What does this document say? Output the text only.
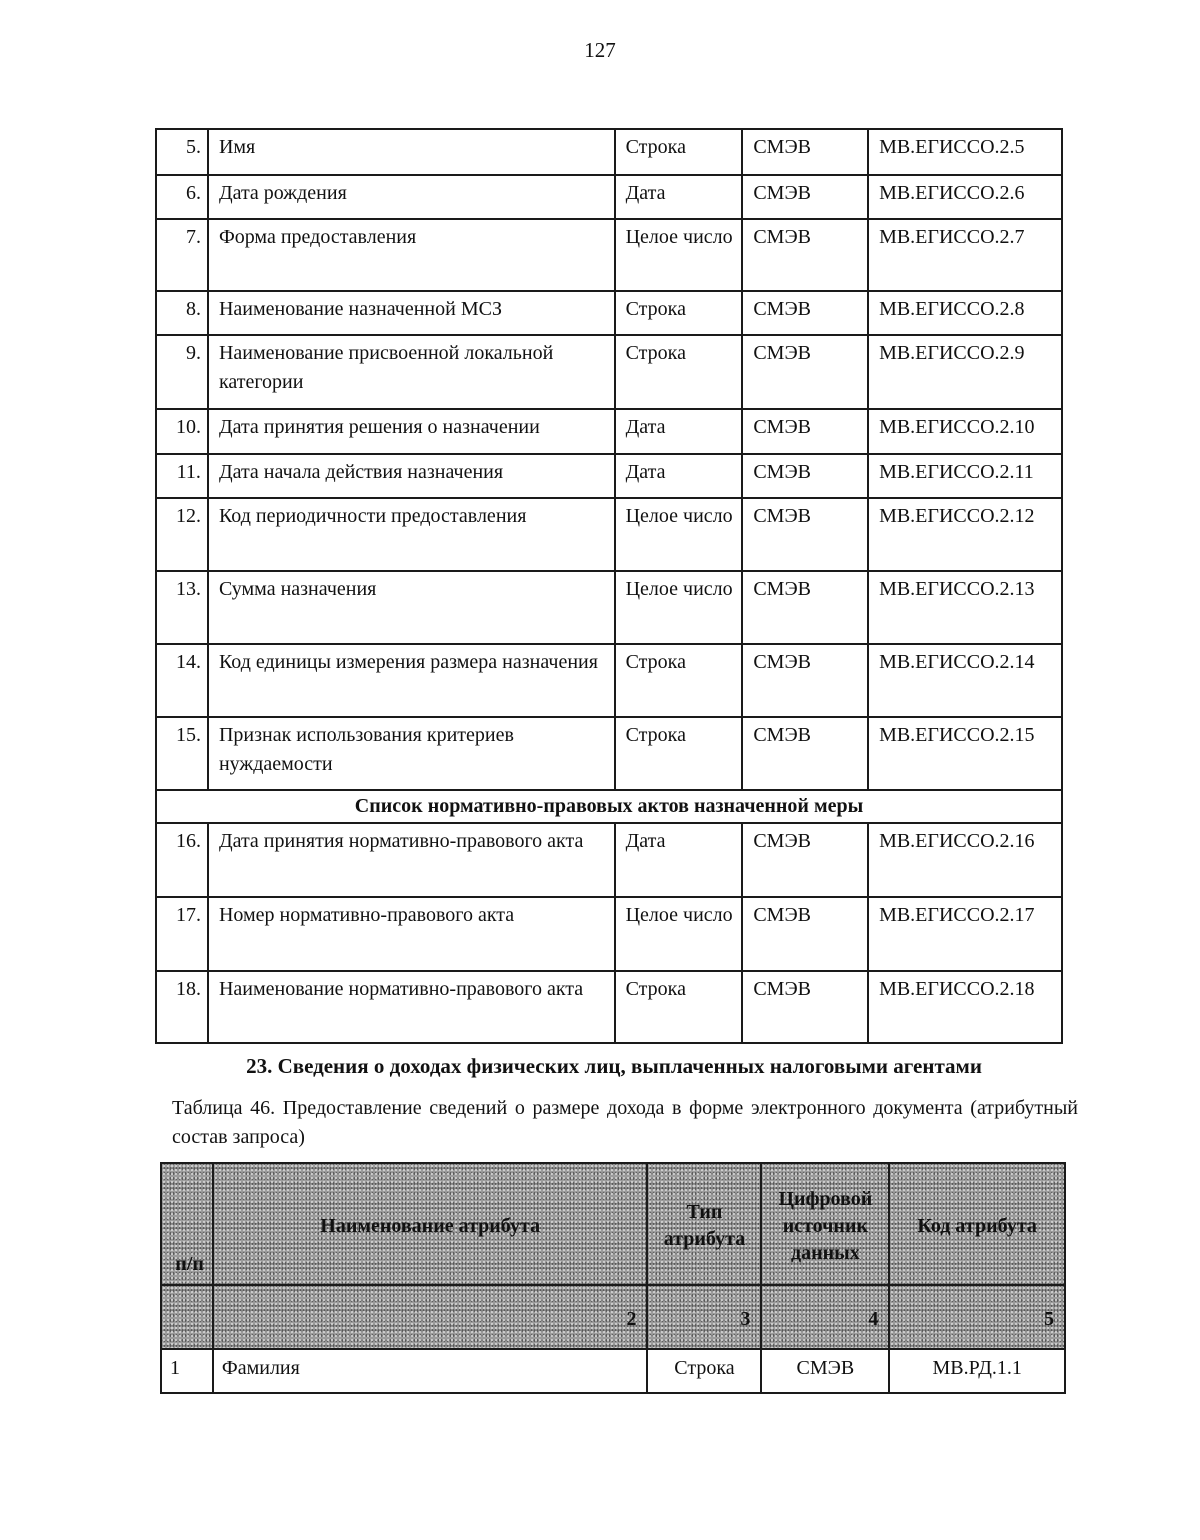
127
5.	Имя	Строка	СМЭВ	МВ.ЕГИССО.2.5
6.	Дата рождения	Дата	СМЭВ	МВ.ЕГИССО.2.6
7.	Форма предоставления	Целое число	СМЭВ	МВ.ЕГИССО.2.7
8.	Наименование назначенной МСЗ	Строка	СМЭВ	МВ.ЕГИССО.2.8
9.	Наименование присвоенной локальной категории	Строка	СМЭВ	МВ.ЕГИССО.2.9
10.	Дата принятия решения о назначении	Дата	СМЭВ	МВ.ЕГИССО.2.10
11.	Дата начала действия назначения	Дата	СМЭВ	МВ.ЕГИССО.2.11
12.	Код периодичности предоставления	Целое число	СМЭВ	МВ.ЕГИССО.2.12
13.	Сумма назначения	Целое число	СМЭВ	МВ.ЕГИССО.2.13
14.	Код единицы измерения размера назначения	Строка	СМЭВ	МВ.ЕГИССО.2.14
15.	Признак использования критериев нуждаемости	Строка	СМЭВ	МВ.ЕГИССО.2.15
Список нормативно-правовых актов назначенной меры				
16.	Дата принятия нормативно-правового акта	Дата	СМЭВ	МВ.ЕГИССО.2.16
17.	Номер нормативно-правового акта	Целое число	СМЭВ	МВ.ЕГИССО.2.17
18.	Наименование нормативно-правового акта	Строка	СМЭВ	МВ.ЕГИССО.2.18
23. Сведения о доходах физических лиц, выплаченных налоговыми агентами
Таблица 46. Предоставление сведений о размере дохода в форме электронного документа (атрибутный состав запроса)
п/п	Наименование атрибута	Тип атрибута	Цифровой источник данных	Код атрибута
	2	3	4	5
1	Фамилия	Строка	СМЭВ	МВ.РД.1.1
